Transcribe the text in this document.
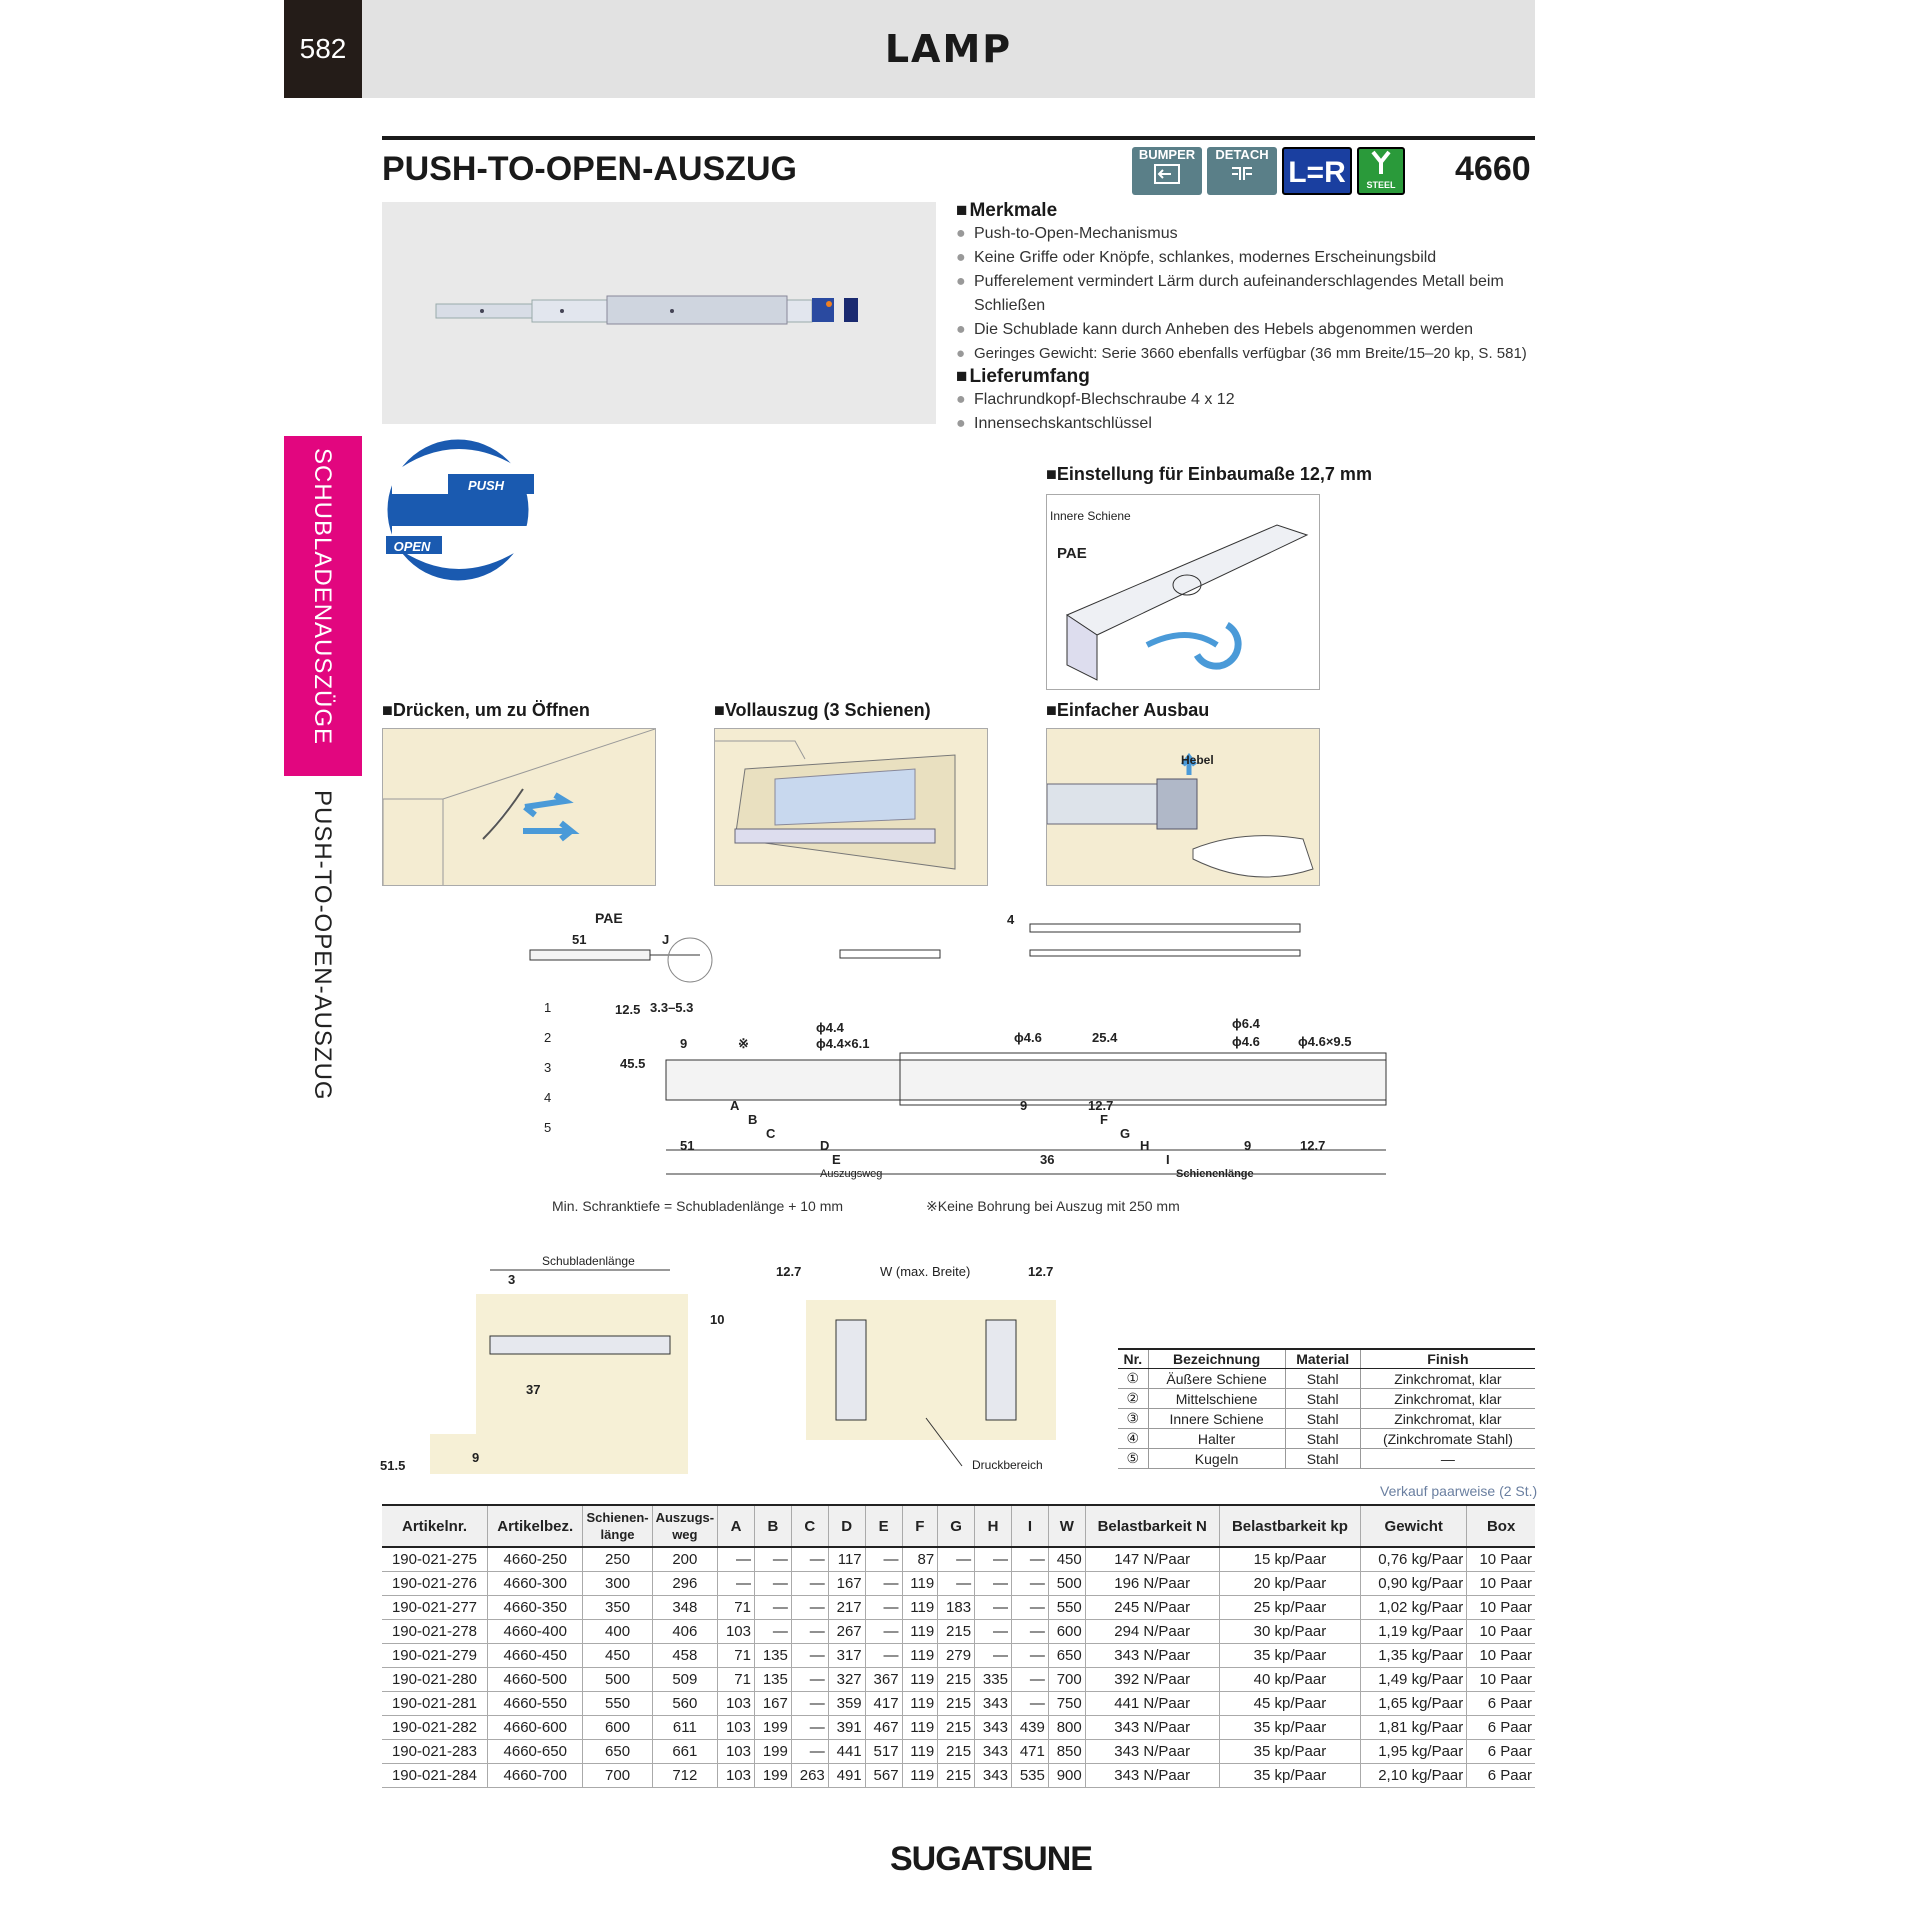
582	LAMP
PUSH-TO-OPEN-AUSZUG	BUMPER	DETACH
L=R	STEEL 4660
■ Merkmale
● Push-to-Open-Mechanismus
● Keine Griffe oder Knöpfe, schlankes, modernes Erscheinungsbild
● Pufferelement vermindert Lärm durch aufeinanderschlagendes Metall beim Schließen
● Die Schublade kann durch Anheben des Hebels abgenommen werden
● Geringes Gewicht: Serie 3660 ebenfalls verfügbar (36 mm Breite/15–20 kp, S. 581)
■ Lieferumfang
● Flachrundkopf-Blechschraube 4 x 12
● Innensechskantschlüssel
SCHUBLADENAUSZÜGE
PUSH-TO-OPEN-AUSZUG
PUSH
OPEN
■ Einstellung für Einbaumaße 12,7 mm
Innere Schiene
PAE
■ Drücken, um zu Öffnen	■ Vollauszug (3 Schienen)	■ Einfacher Ausbau
Hebel
PAE
51	J
4
12.5
45.5
3.3–5.3
9	※
ϕ4.4
ϕ4.4×6.1	ϕ4.6	25.4
ϕ6.4
ϕ4.6	ϕ4.6×9.5
A
B
C
D
E
51
12.7
F
G
H
I
9	12.7
36
9
Auszugsweg	Schienenlänge
1
2
3
4
5
Min. Schranktiefe = Schubladenlänge + 10 mm	※Keine Bohrung bei Auszug mit 250 mm
Schubladenlänge
3
10
37
51.5
9
12.7	W (max. Breite)	12.7
Druckbereich
Nr.	Bezeichnung	Material	Finish
①	Äußere Schiene	Stahl	Zinkchromat, klar
②	Mittelschiene	Stahl	Zinkchromat, klar
③	Innere Schiene	Stahl	Zinkchromat, klar
④	Halter	Stahl	(Zinkchromate Stahl)
⑤	Kugeln	Stahl	—
Verkauf paarweise (2 St.)
Artikelnr.	Artikelbez.	Schienen-länge	Auszugs-weg	A	B	C	D	E	F	G	H	I	W	Belastbarkeit N	Belastbarkeit kp	Gewicht	Box
190-021-275	4660-250	250	200	—	—	—	117	—	87	—	—	—	450	147 N/Paar	15 kp/Paar	0,76 kg/Paar	10 Paar
190-021-276	4660-300	300	296	—	—	—	167	—	119	—	—	—	500	196 N/Paar	20 kp/Paar	0,90 kg/Paar	10 Paar
190-021-277	4660-350	350	348	71	—	—	217	—	119	183	—	—	550	245 N/Paar	25 kp/Paar	1,02 kg/Paar	10 Paar
190-021-278	4660-400	400	406	103	—	—	267	—	119	215	—	—	600	294 N/Paar	30 kp/Paar	1,19 kg/Paar	10 Paar
190-021-279	4660-450	450	458	71	135	—	317	—	119	279	—	—	650	343 N/Paar	35 kp/Paar	1,35 kg/Paar	10 Paar
190-021-280	4660-500	500	509	71	135	—	327	367	119	215	335	—	700	392 N/Paar	40 kp/Paar	1,49 kg/Paar	10 Paar
190-021-281	4660-550	550	560	103	167	—	359	417	119	215	343	—	750	441 N/Paar	45 kp/Paar	1,65 kg/Paar	6 Paar
190-021-282	4660-600	600	611	103	199	—	391	467	119	215	343	439	800	343 N/Paar	35 kp/Paar	1,81 kg/Paar	6 Paar
190-021-283	4660-650	650	661	103	199	—	441	517	119	215	343	471	850	343 N/Paar	35 kp/Paar	1,95 kg/Paar	6 Paar
190-021-284	4660-700	700	712	103	199	263	491	567	119	215	343	535	900	343 N/Paar	35 kp/Paar	2,10 kg/Paar	6 Paar
SUGATSUNE
